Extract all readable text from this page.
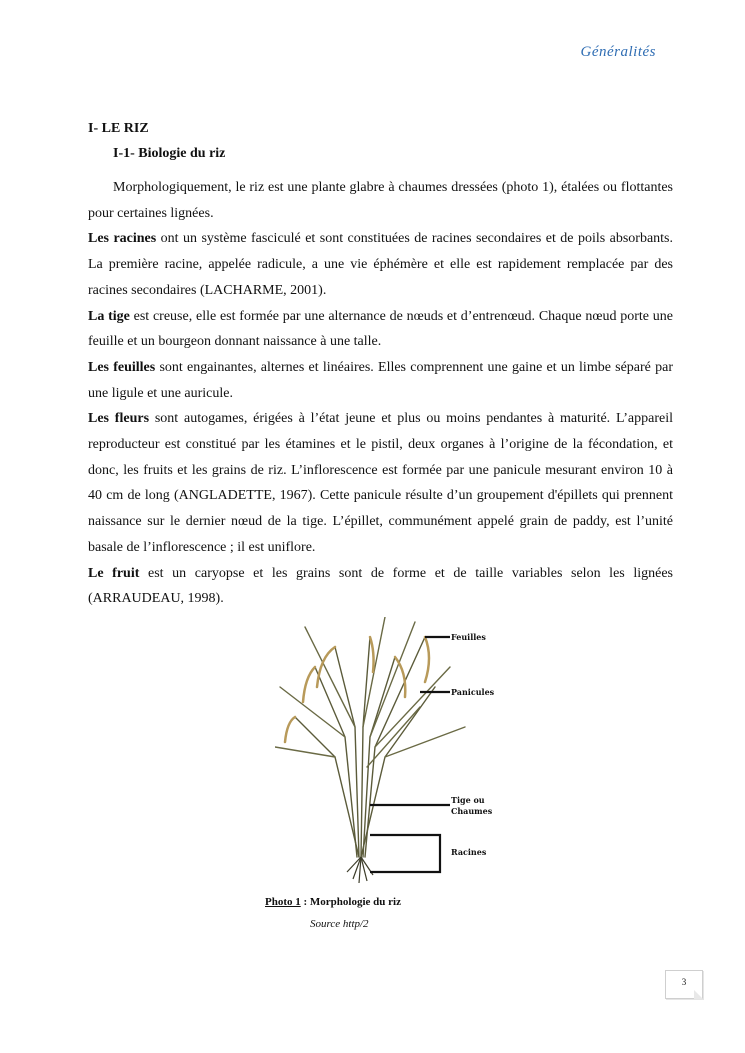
Généralités
I- LE RIZ
I-1- Biologie du riz

Morphologiquement, le riz est une plante glabre à chaumes dressées (photo 1), étalées ou flottantes pour certaines lignées.

Les racines ont un système fasciculé et sont constituées de racines secondaires et de poils absorbants. La première racine, appelée radicule, a une vie éphémère et elle est rapidement remplacée par des racines secondaires (LACHARME, 2001).

La tige est creuse, elle est formée par une alternance de nœuds et d’entrenœud. Chaque nœud porte une feuille et un bourgeon donnant naissance à une talle.

Les feuilles sont engainantes, alternes et linéaires. Elles comprennent une gaine et un limbe séparé par une ligule et une auricule.

Les fleurs sont autogames, érigées à l’état jeune et plus ou moins pendantes à maturité. L’appareil reproducteur est constitué par les étamines et le pistil, deux organes à l’origine de la fécondation, et donc, les fruits et les grains de riz. L’inflorescence est formée par une panicule mesurant environ 10 à 40 cm de long (ANGLADETTE, 1967). Cette panicule résulte d’un groupement d'épillets qui prennent naissance sur le dernier nœud de la tige. L’épillet, communément appelé grain de paddy, est l’unité basale de l’inflorescence ; il est uniflore.

Le fruit est un caryopse et les grains sont de forme et de taille variables selon les lignées (ARRAUDEAU, 1998).

Feuilles
Panicules
Tige ou
Chaumes
Racines
Photo 1 : Morphologie du riz
Source http/2
3
